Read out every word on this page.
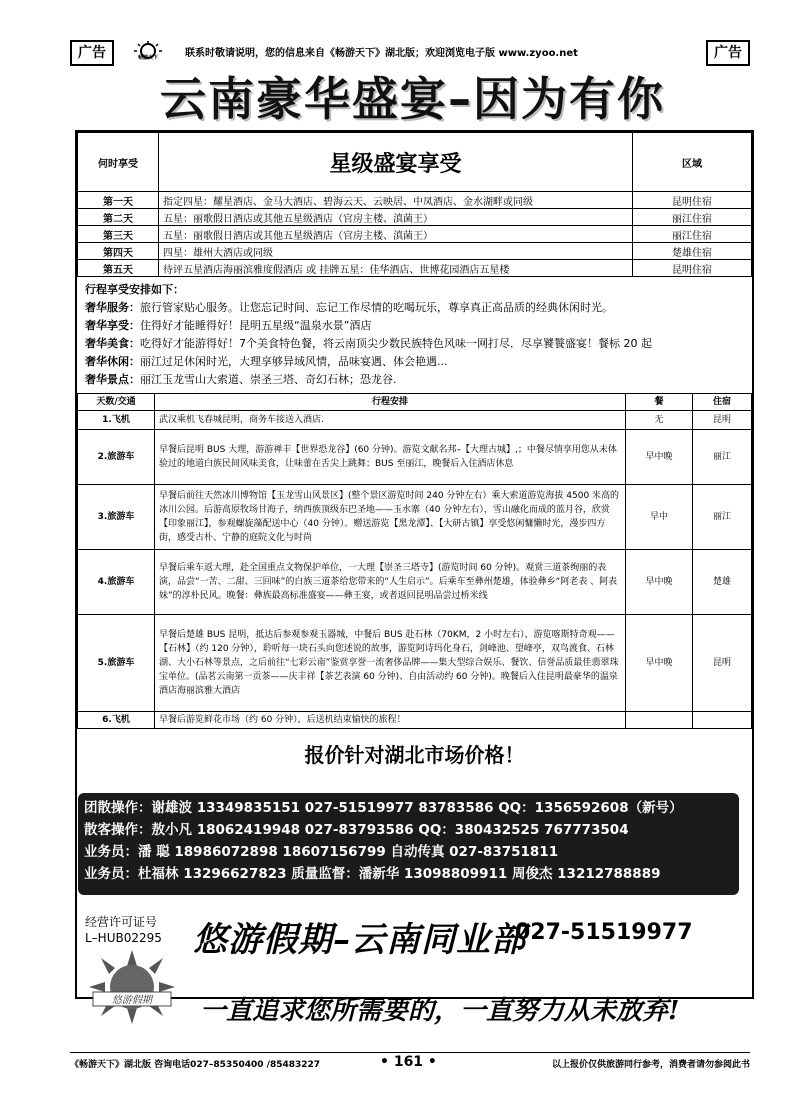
广告	畅游天下	联系时敬请说明，您的信息来自《畅游天下》湖北版；欢迎浏览电子版 www.zyoo.net	广告
云南豪华盛宴–因为有你
何时享受	星级盛宴享受	区域
第一天	指定四星：耀星酒店、金马大酒店、碧海云天、云映居、中凤酒店、金水湖畔或同级	昆明住宿
第二天	五星：丽歌假日酒店或其他五星级酒店（官房主楼、滇菌王）	丽江住宿
第三天	五星：丽歌假日酒店或其他五星级酒店（官房主楼、滇菌王）	丽江住宿
第四天	四星：雄州大酒店或同级	楚雄住宿
第五天	待评五星酒店海丽滨雅度假酒店 或 挂牌五星：佳华酒店、世博花园酒店五星楼	昆明住宿
行程享受安排如下：
奢华服务：旅行管家贴心服务。让您忘记时间、忘记工作尽情的吃喝玩乐，尊享真正高品质的经典休闲时光。
奢华享受：住得好才能睡得好！昆明五星级“温泉水景”酒店
奢华美食：吃得好才能游得好！7个美食特色餐，将云南顶尖少数民族特色风味一网打尽．尽享饕餮盛宴！餐标 20 起
奢华休闲：丽江过足休闲时光，大理享够异域风情，品味宴遇、体会艳遇...
奢华景点：丽江玉龙雪山大索道、崇圣三塔、奇幻石林；恐龙谷.
天数/交通	行程安排	餐	住宿
1.飞机	武汉乘机飞春城昆明，商务车接送入酒店.	无	昆明
2.旅游车	早餐后昆明 BUS 大理，游游禅丰【世界恐龙谷】(60 分钟)。游览文献名邦–【大理古城】,；中餐尽情享用您从未体验过的地道白族民间风味美食，让味蕾在舌尖上跳舞；BUS 至丽江，晚餐后入住酒店休息	早中晚	丽江
3.旅游车	早餐后前往天然冰川博物馆【玉龙雪山风景区】(整个景区游览时间 240 分钟左右）乘大索道游览海拔 4500 米高的冰川公园。后游高原牧场甘海子，纳西族顶级东巴圣地——玉水寨（40 分钟左右），雪山融化而成的蓝月谷，欣赏【印象丽江】，参观螺旋藻配送中心（40 分钟）。赠送游览【黑龙潭】、【大研古镇】享受悠闲慵懒时光，漫步四方街，感受古朴、宁静的庭院文化与时尚	早中	丽江
4.旅游车	早餐后乘车返大理，赴全国重点文物保护单位，一大理【崇圣三塔寺】(游览时间 60 分钟)。观赏三道茶绚丽的表演，品尝“一苦、二甜、三回味”的白族三道茶给您带来的“人生启示”。后乘车至彝州楚雄，体验彝乡“阿老表 、阿表妹”的淳朴民风。晚餐：彝族最高标准盛宴——彝王宴，或者返回昆明品尝过桥米线	早中晚	楚雄
5.旅游车	早餐后楚雄 BUS 昆明，抵达后参观参观玉器城，中餐后 BUS 赴石林（70KM，2 小时左右），游览喀斯特奇观——【石林】（约 120 分钟），聆听每一块石头向您述说的故事，游览阿诗玛化身石，剑峰池、望峰亭，双鸟渡食、石林湖、大小石林等景点，之后前往“七彩云南”鉴赏享誉一流奢侈品牌——集大型综合娱乐、餐饮、信誉品质最佳翡翠珠宝单位。(品茗云南第一贡茶——庆丰祥【茶艺表演 60 分钟)、自由活动约 60 分钟)。晚餐后入住昆明最豪华的温泉酒店海丽滨雅大酒店	早中晚	昆明
6.飞机	早餐后游览鲜花市场（约 60 分钟），后送机结束愉快的旅程！		
报价针对湖北市场价格！
团散操作：谢雄波 13349835151 027-51519977 83783586 QQ：1356592608（新号）
散客操作：敖小凡 18062419948 027-83793586 QQ：380432525 767773504
业务员：潘 聪 18986072898 18607156799 自动传真 027-83751811
业务员：杜福林 13296627823 质量监督：潘新华 13098809911 周俊杰 13212788889
经营许可证号
L–HUB02295
悠游假期
悠游假期–云南同业部
027-51519977
一直追求您所需要的，一直努力从未放弃!
《畅游天下》湖北版 咨询电话027–85350400 /85483227	• 161 •	以上报价仅供旅游同行参考，消费者请勿参阅此书
